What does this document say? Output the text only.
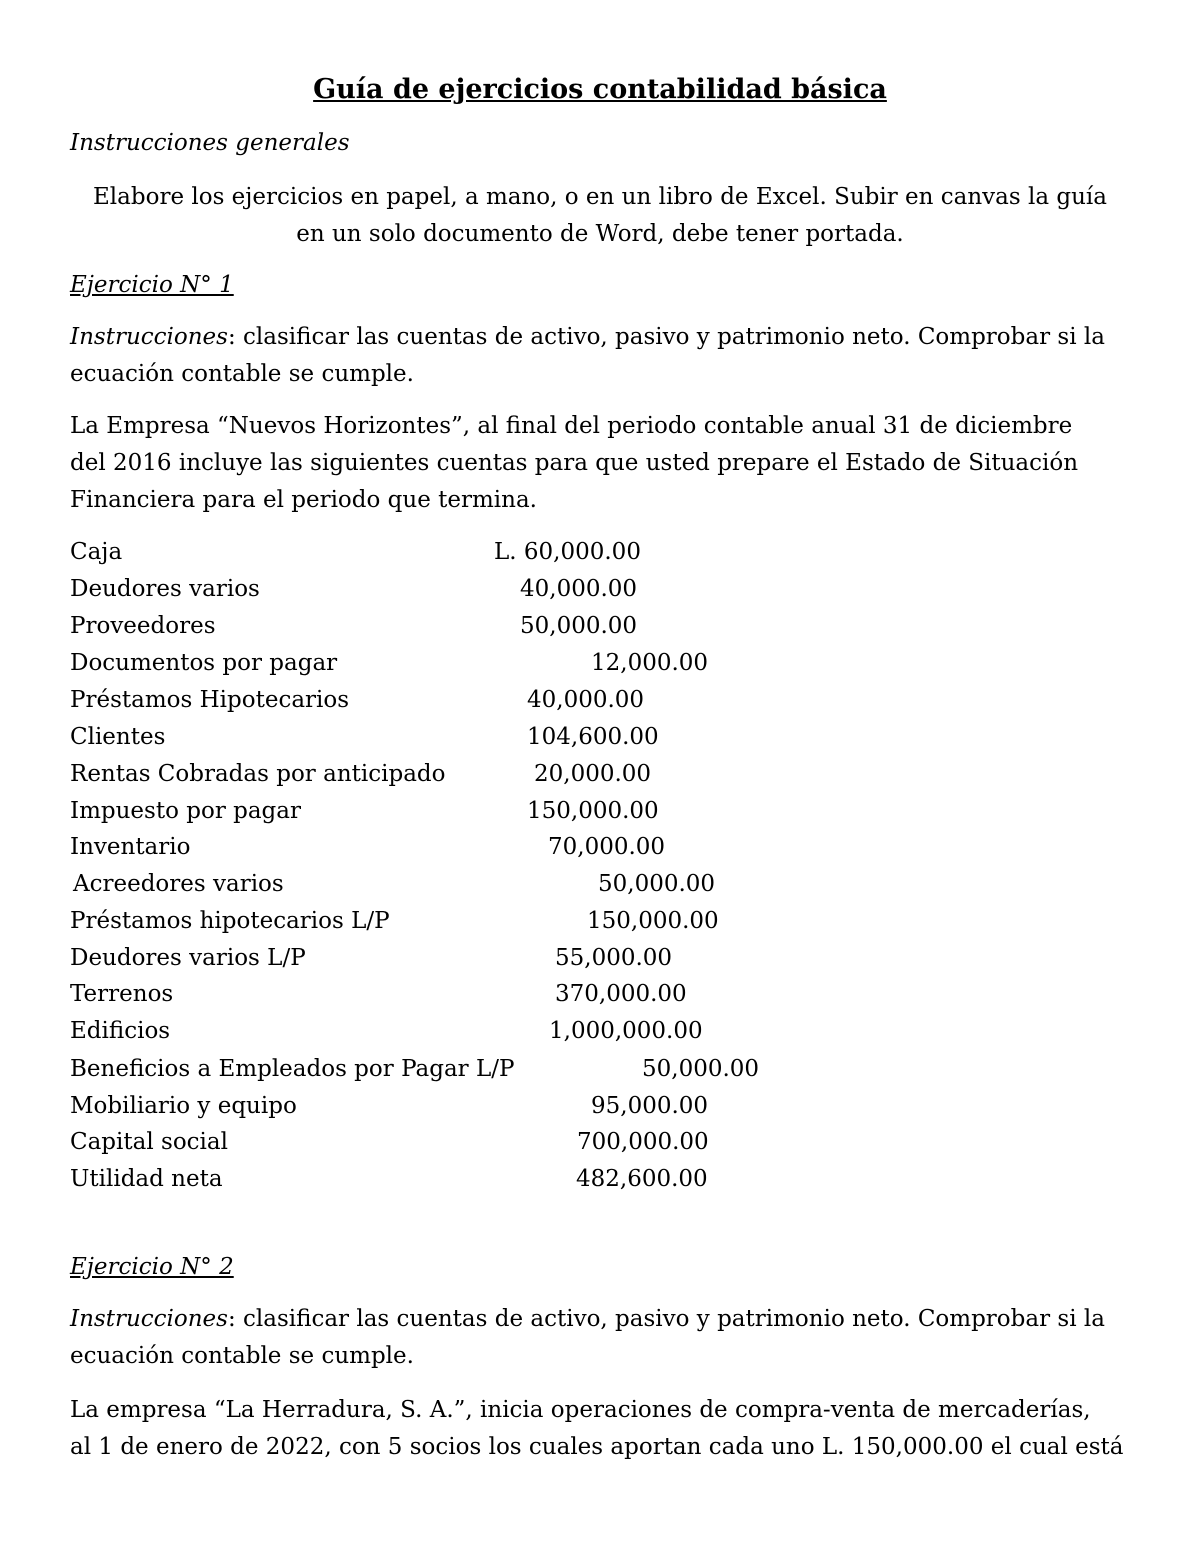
Guía de ejercicios contabilidad básica
Instrucciones generales
Elabore los ejercicios en papel, a mano, o en un libro de Excel. Subir en canvas la guía
en un solo documento de Word, debe tener portada.
Ejercicio N° 1
Instrucciones: clasificar las cuentas de activo, pasivo y patrimonio neto. Comprobar si la
ecuación contable se cumple.
La Empresa “Nuevos Horizontes”, al final del periodo contable anual 31 de diciembre
del 2016 incluye las siguientes cuentas para que usted prepare el Estado de Situación
Financiera para el periodo que termina.
Caja	L. 60,000.00
Deudores varios	40,000.00
Proveedores	50,000.00
Documentos por pagar	12,000.00
Préstamos Hipotecarios	40,000.00
Clientes	104,600.00
Rentas Cobradas por anticipado	20,000.00
Impuesto por pagar	150,000.00
Inventario	70,000.00
Acreedores varios	50,000.00
Préstamos hipotecarios L/P	150,000.00
Deudores varios L/P	55,000.00
Terrenos	370,000.00
Edificios	1,000,000.00
Beneficios a Empleados por Pagar L/P	50,000.00
Mobiliario y equipo	95,000.00
Capital social	700,000.00
Utilidad neta	482,600.00
Ejercicio N° 2
Instrucciones: clasificar las cuentas de activo, pasivo y patrimonio neto. Comprobar si la
ecuación contable se cumple.
La empresa “La Herradura, S. A.”, inicia operaciones de compra-venta de mercaderías,
al 1 de enero de 2022, con 5 socios los cuales aportan cada uno L. 150,000.00 el cual está
